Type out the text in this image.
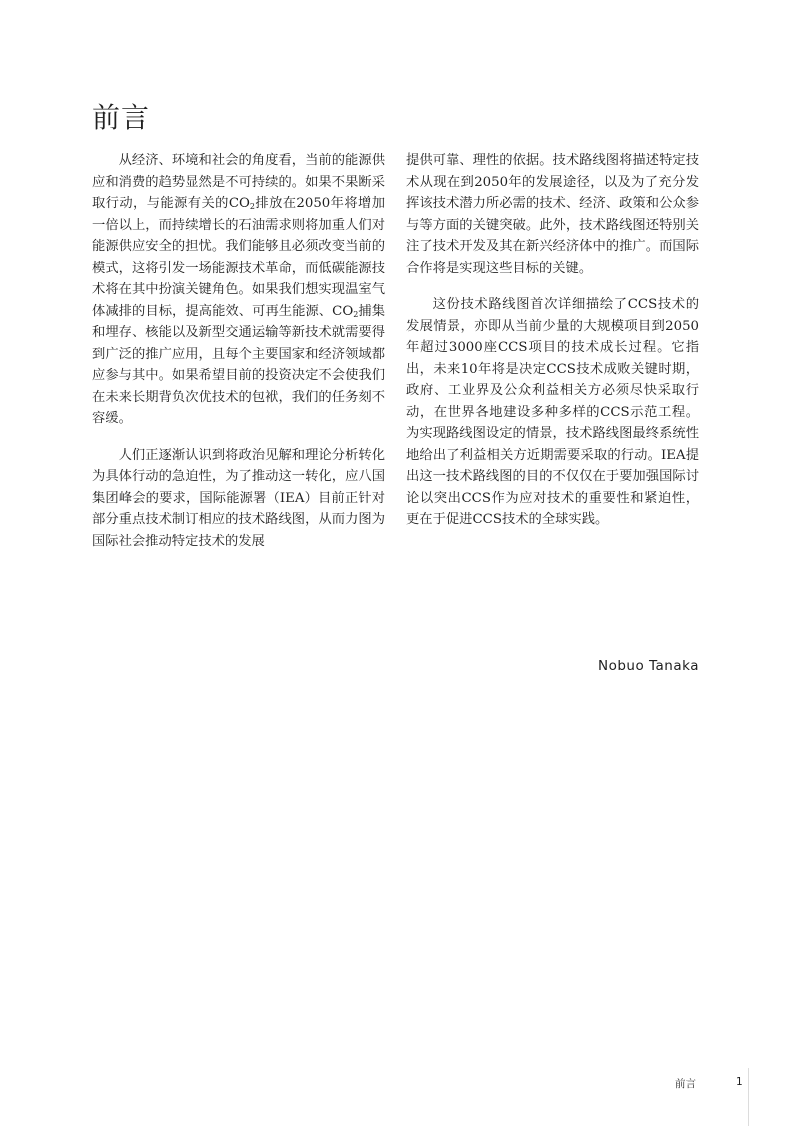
前言

从经济、环境和社会的角度看，当前的能源供应和消费的趋势显然是不可持续的。如果不果断采取行动，与能源有关的$CO_2$排放在2050年将增加一倍以上，而持续增长的石油需求则将加重人们对能源供应安全的担忧。我们能够且必须改变当前的模式，这将引发一场能源技术革命，而低碳能源技术将在其中扮演关键角色。如果我们想实现温室气体减排的目标，提高能效、可再生能源、$CO_2$捕集和埋存、核能以及新型交通运输等新技术就需要得到广泛的推广应用，且每个主要国家和经济领域都应参与其中。如果希望目前的投资决定不会使我们在未来长期背负次优技术的包袱，我们的任务刻不容缓。

人们正逐渐认识到将政治见解和理论分析转化为具体行动的急迫性，为了推动这一转化，应八国集团峰会的要求，国际能源署（IEA）目前正针对部分重点技术制订相应的技术路线图，从而力图为国际社会推动特定技术的发展

提供可靠、理性的依据。技术路线图将描述特定技术从现在到2050年的发展途径，以及为了充分发挥该技术潜力所必需的技术、经济、政策和公众参与等方面的关键突破。此外，技术路线图还特别关注了技术开发及其在新兴经济体中的推广。而国际合作将是实现这些目标的关键。

这份技术路线图首次详细描绘了CCS技术的发展情景，亦即从当前少量的大规模项目到2050年超过3000座CCS项目的技术成长过程。它指出，未来10年将是决定CCS技术成败关键时期，政府、工业界及公众利益相关方必须尽快采取行动，在世界各地建设多种多样的CCS示范工程。为实现路线图设定的情景，技术路线图最终系统性地给出了利益相关方近期需要采取的行动。IEA提出这一技术路线图的目的不仅仅在于要加强国际讨论以突出CCS作为应对技术的重要性和紧迫性，更在于促进CCS技术的全球实践。

Nobuo Tanaka
前言	1
